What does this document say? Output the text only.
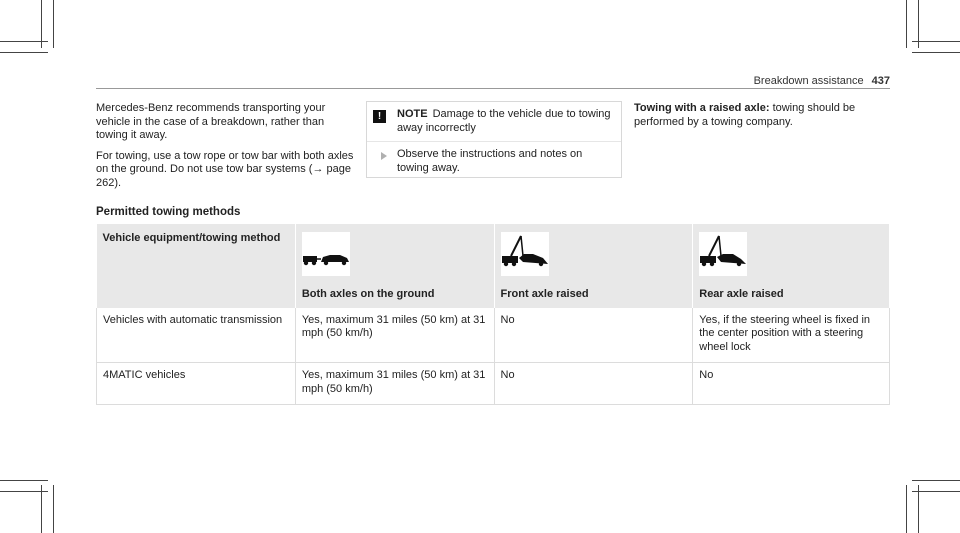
Breakdown assistance 437

Mercedes-Benz recommends transporting your vehicle in the case of a breakdown, rather than towing it away.

For towing, use a tow rope or tow bar with both axles on the ground. Do not use tow bar systems (→ page 262).

!	NOTE Damage to the vehicle due to towing away incorrectly
Observe the instructions and notes on towing away.
Towing with a raised axle: towing should be performed by a towing company.
Permitted towing methods
Vehicle equipment/towing method	Both axles on the ground	Front axle raised	Rear axle raised
Vehicles with automatic transmission	Yes, maximum 31 miles (50 km) at 31 mph (50 km/h)	No	Yes, if the steering wheel is fixed in the center position with a steering wheel lock
4MATIC vehicles	Yes, maximum 31 miles (50 km) at 31 mph (50 km/h)	No	No
